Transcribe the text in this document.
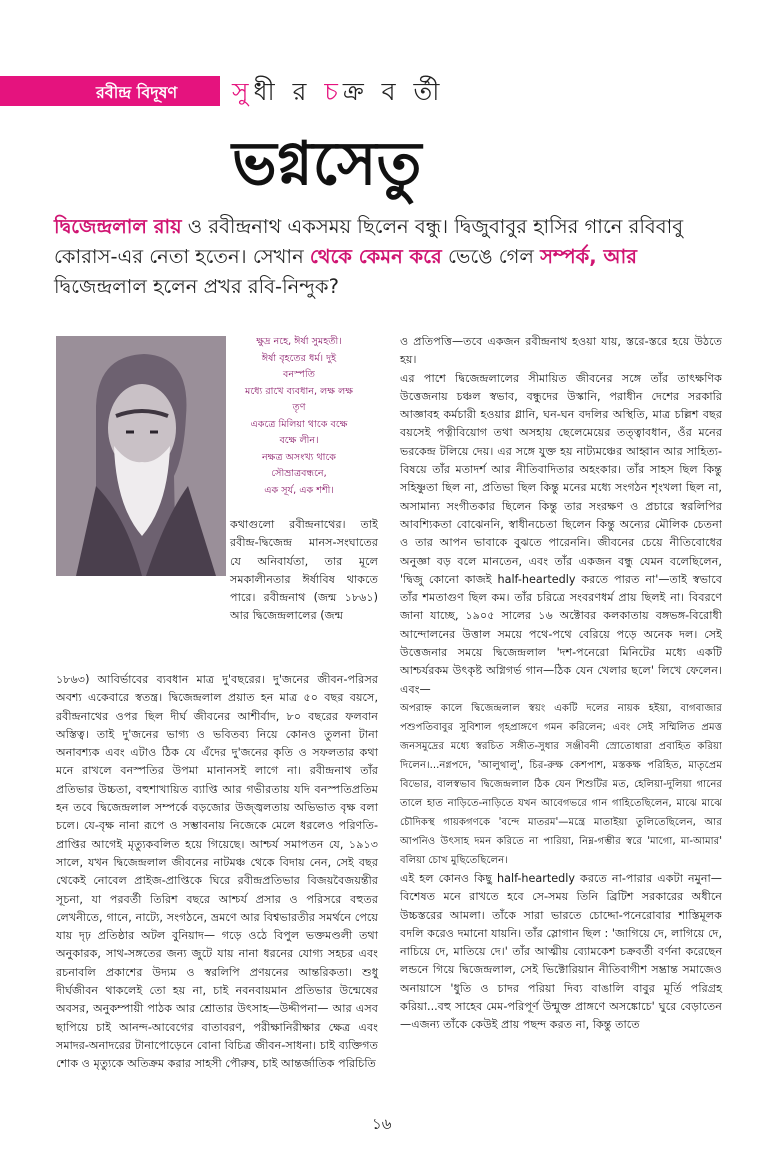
রবীন্দ্র বিদূষণ সুধী র চক্র ব র্তী
ভগ্নসেতু
দ্বিজেন্দ্রলাল রায় ও রবীন্দ্রনাথ একসময় ছিলেন বন্ধু। দ্বিজুবাবুর হাসির গানে রবিবাবু কোরাস-এর নেতা হতেন। সেখান থেকে কেমন করে ভেঙে গেল সম্পর্ক, আর দ্বিজেন্দ্রলাল হলেন প্রখর রবি-নিন্দুক?
ক্ষুদ্র নহে, ঈর্ষা সুমহতী।
ঈর্ষা বৃহতের ধর্ম। দুই
বনস্পতি
মধ্যে রাখে ব্যবধান, লক্ষ লক্ষ
তৃণ
একত্রে মিলিয়া থাকে বক্ষে
বক্ষে লীন।
নক্ষত্র অসংখ্য থাকে
সৌভ্রাত্রবন্ধনে,
এক সূর্য, এক শশী।

কথাগুলো রবীন্দ্রনাথের। তাই রবীন্দ্র-দ্বিজেন্দ্র মানস-সংঘাতের যে অনিবার্যতা, তার মূলে সমকালীনতার ঈর্ষাবিষ থাকতে পারে। রবীন্দ্রনাথ (জন্ম ১৮৬১) আর দ্বিজেন্দ্রলালের (জন্ম

১৮৬৩) আবির্ভাবের ব্যবধান মাত্র দু'বছরের। দু'জনের জীবন-পরিসর অবশ্য একেবারে স্বতন্ত্র। দ্বিজেন্দ্রলাল প্রয়াত হন মাত্র ৫০ বছর বয়সে, রবীন্দ্রনাথের ওপর ছিল দীর্ঘ জীবনের আশীর্বাদ, ৮০ বছরের ফলবান অস্তিত্ব। তাই দু'জনের ভাগ্য ও ভবিতব্য নিয়ে কোনও তুলনা টানা অনাবশ্যক এবং এটাও ঠিক যে এঁদের দু'জনের কৃতি ও সফলতার কথা মনে রাখলে বনস্পতির উপমা মানানসই লাগে না। রবীন্দ্রনাথ তাঁর প্রতিভার উচ্চতা, বহুশাখায়িত ব্যাপ্তি আর গভীরতায় যদি বনস্পতিপ্রতিম হন তবে দ্বিজেন্দ্রলাল সম্পর্কে বড়জোর উজ্জ্বলতায় অভিভাত বৃক্ষ বলা চলে। যে-বৃক্ষ নানা রূপে ও সম্ভাবনায় নিজেকে মেলে ধরলেও পরিণতি-প্রাপ্তির আগেই মৃত্যুকবলিত হয়ে গিয়েছে। আশ্চর্য সমাপতন যে, ১৯১৩ সালে, যখন দ্বিজেন্দ্রলাল জীবনের নাটমঞ্চ থেকে বিদায় নেন, সেই বছর থেকেই নোবেল প্রাইজ-প্রাপ্তিকে ঘিরে রবীন্দ্রপ্রতিভার বিজয়বৈজয়ন্তীর সূচনা, যা পরবর্তী তিরিশ বছরে আশ্চর্য প্রসার ও পরিসরে বহুতর লেখনীতে, গানে, নাট্যে, সংগঠনে, ভ্রমণে আর বিশ্বভারতীর সমর্থনে পেয়ে যায় দৃঢ় প্রতিষ্ঠার অটল বুনিয়াদ— গড়ে ওঠে বিপুল ভক্তমণ্ডলী তথা অনুকারক, সাথ-সঙ্গতের জন্য জুটে যায় নানা ধরনের যোগ্য সহচর এবং রচনাবলি প্রকাশের উদ্যম ও স্বরলিপি প্রণয়নের আন্তরিকতা। শুধু দীর্ঘজীবন থাকলেই তো হয় না, চাই নবনবায়মান প্রতিভার উন্মেষের অবসর, অনুকম্পায়ী পাঠক আর শ্রোতার উৎসাহ—উদ্দীপনা— আর এসব ছাপিয়ে চাই আনন্দ-আবেগের বাতাবরণ, পরীক্ষানিরীক্ষার ক্ষেত্র এবং সমাদর-অনাদরের টানাপোড়েনে বোনা বিচিত্র জীবন-সাধনা। চাই ব্যক্তিগত শোক ও মৃত্যুকে অতিক্রম করার সাহসী পৌরুষ, চাই আন্তর্জাতিক পরিচিতি

ও প্রতিপত্তি—তবে একজন রবীন্দ্রনাথ হওয়া যায়, স্তরে-স্তরে হয়ে উঠতে হয়।

এর পাশে দ্বিজেন্দ্রলালের সীমায়িত জীবনের সঙ্গে তাঁর তাৎক্ষণিক উত্তেজনায় চঞ্চল স্বভাব, বন্ধুদের উস্কানি, পরাধীন দেশের সরকারি আজ্ঞাবহ কর্মচারী হওয়ার গ্লানি, ঘন-ঘন বদলির অস্থিতি, মাত্র চল্লিশ বছর বয়সেই পত্নীবিয়োগ তথা অসহায় ছেলেমেয়ের তত্ত্বাবধান, ওঁর মনের ভরকেন্দ্র টলিয়ে দেয়। এর সঙ্গে যুক্ত হয় নাট্যমঞ্চের আহ্বান আর সাহিত্য-বিষয়ে তাঁর মতাদর্শ আর নীতিবাদিতার অহংকার। তাঁর সাহস ছিল কিন্তু সহিষ্ণুতা ছিল না, প্রতিভা ছিল কিন্তু মনের মধ্যে সংগঠন শৃংখলা ছিল না, অসামান্য সংগীতকার ছিলেন কিন্তু তার সংরক্ষণ ও প্রচারে স্বরলিপির আবশ্যিকতা বোঝেননি, স্বাধীনচেতা ছিলেন কিন্তু অন্যের মৌলিক চেতনা ও তার আপন ভাবাকে বুঝতে পারেননি। জীবনের চেয়ে নীতিবোধের অনুজ্ঞা বড় বলে মানতেন, এবং তাঁর একজন বন্ধু যেমন বলেছিলেন, 'দ্বিজু কোনো কাজই half-heartedly করতে পারত না'—তাই স্বভাবে তাঁর শমতাগুণ ছিল কম। তাঁর চরিত্রে সংবরণধর্ম প্রায় ছিলই না। বিবরণে জানা যাচ্ছে, ১৯০৫ সালের ১৬ অক্টোবর কলকাতায় বঙ্গভঙ্গ-বিরোধী আন্দোলনের উত্তাল সময়ে পথে-পথে বেরিয়ে পড়ে অনেক দল। সেই উত্তেজনার সময়ে দ্বিজেন্দ্রলাল 'দশ-পনেরো মিনিটের মধ্যে একটি আশ্চর্যরকম উৎকৃষ্ট অগ্নিগর্ভ গান—ঠিক যেন খেলার ছলে' লিখে ফেলেন। এবং—

অপরাহ্ন কালে দ্বিজেন্দ্রলাল স্বয়ং একটি দলের নায়ক হইয়া, বাগবাজার পশুপতিবাবুর সুবিশাল গৃহপ্রাঙ্গণে গমন করিলেন; এবং সেই সম্মিলিত প্রমত্ত জনসমুদ্রের মধ্যে স্বরচিত সঙ্গীত-সুধার সঞ্জীবনী স্রোতোধারা প্রবাহিত করিয়া দিলেন।...নগ্নপদে, 'আলুথালু', চির-রুক্ষ কেশপাশ, মস্তকক্ষ পরিহিত, মাতৃপ্রেম বিভোর, বালস্বভাব দ্বিজেন্দ্রলাল ঠিক যেন শিশুটির মত, হেলিয়া-দুলিয়া গানের তালে হাত নাড়িতে-নাড়িতে যখন আবেগভরে গান গাহিতেছিলেন, মাঝে মাঝে চৌদিকস্থ গায়কগণকে 'বন্দে মাতরম'—মন্ত্রে মাতাইয়া তুলিতেছিলেন, আর আপনিও উৎসাহ দমন করিতে না পারিয়া, নিম্ন-গম্ভীর স্বরে 'মাগো, মা-আমার' বলিয়া চোখ মুছিতেছিলেন।

এই হল কোনও কিছু half-heartedly করতে না-পারার একটা নমুনা—বিশেষত মনে রাখতে হবে সে-সময় তিনি ব্রিটিশ সরকারের অধীনে উচ্চস্তরের আমলা। তাঁকে সারা ভারতে চোদ্দো-পনেরোবার শাস্তিমূলক বদলি করেও দমানো যায়নি। তাঁর স্লোগান ছিল : 'জাগিয়ে দে, লাগিয়ে দে, নাচিয়ে দে, মাতিয়ে দে।' তাঁর আত্মীয় ব্যোমকেশ চক্রবর্তী বর্ণনা করেছেন লন্ডনে গিয়ে দ্বিজেন্দ্রলাল, সেই ভিক্টোরিয়ান নীতিবাগীশ সম্ভ্রান্ত সমাজেও অনায়াসে 'ধুতি ও চাদর পরিয়া দিব্য বাঙালি বাবুর মূর্তি পরিগ্রহ করিয়া...বহু সাহেব মেম-পরিপূর্ণ উন্মুক্ত প্রাঙ্গণে অসঙ্কোচে' ঘুরে বেড়াতেন—এজন্য তাঁকে কেউই প্রায় পছন্দ করত না, কিন্তু তাতে

১৬
